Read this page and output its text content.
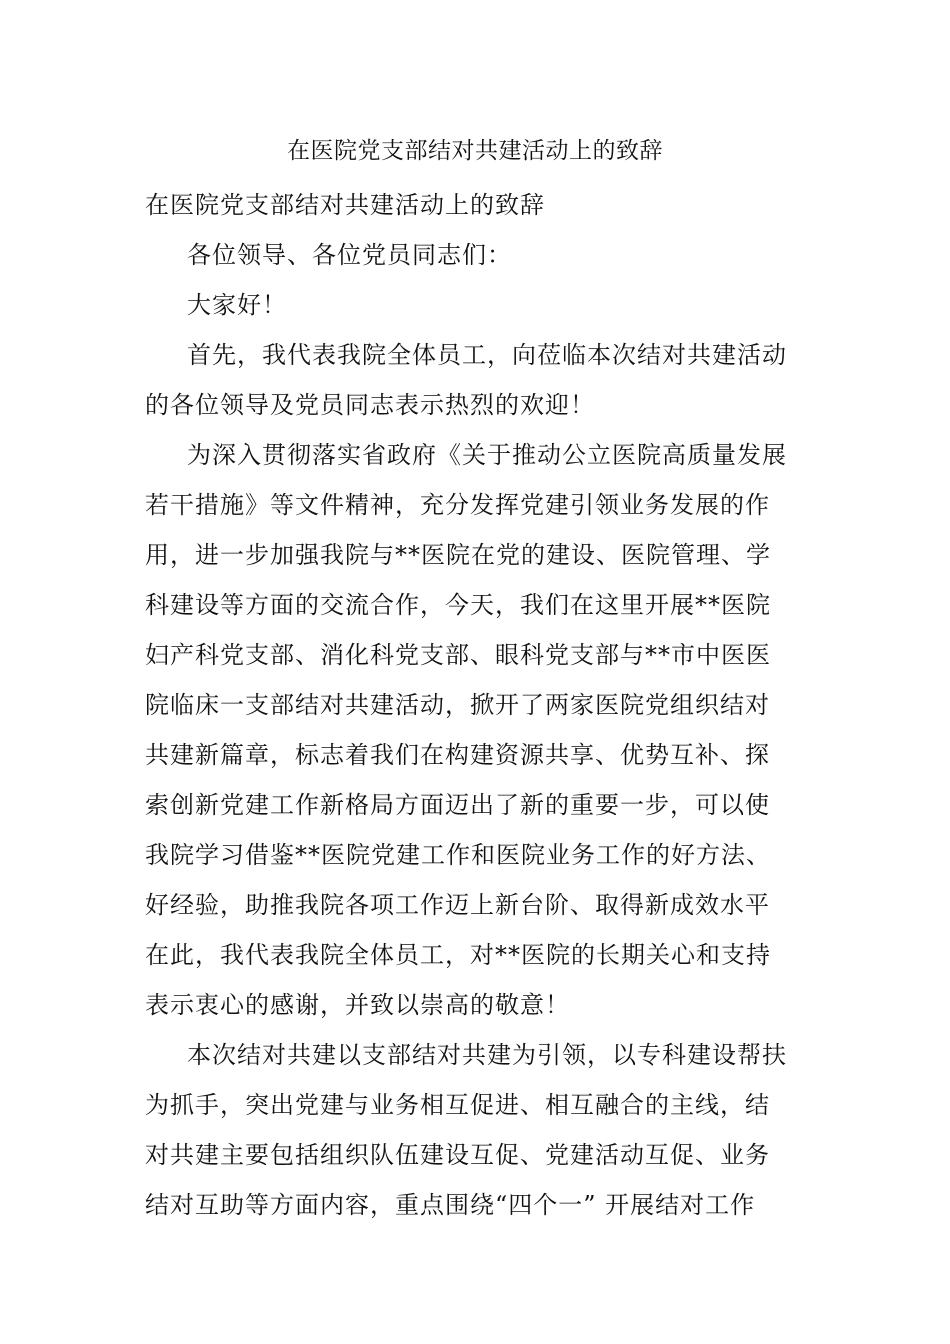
在医院党支部结对共建活动上的致辞

在医院党支部结对共建活动上的致辞

各位领导、各位党员同志们：

大家好！

首先，我代表我院全体员工，向莅临本次结对共建活动
的各位领导及党员同志表示热烈的欢迎！

为深入贯彻落实省政府《关于推动公立医院高质量发展
若干措施》等文件精神，充分发挥党建引领业务发展的作
用，进一步加强我院与**医院在党的建设、医院管理、学
科建设等方面的交流合作，今天，我们在这里开展**医院
妇产科党支部、消化科党支部、眼科党支部与**市中医医
院临床一支部结对共建活动，掀开了两家医院党组织结对
共建新篇章，标志着我们在构建资源共享、优势互补、探
索创新党建工作新格局方面迈出了新的重要一步，可以使
我院学习借鉴**医院党建工作和医院业务工作的好方法、
好经验，助推我院各项工作迈上新台阶、取得新成效水平
在此，我代表我院全体员工，对**医院的长期关心和支持
表示衷心的感谢，并致以崇高的敬意！

本次结对共建以支部结对共建为引领，以专科建设帮扶
为抓手，突出党建与业务相互促进、相互融合的主线，结
对共建主要包括组织队伍建设互促、党建活动互促、业务
结对互助等方面内容，重点围绕“四个一” 开展结对工作
